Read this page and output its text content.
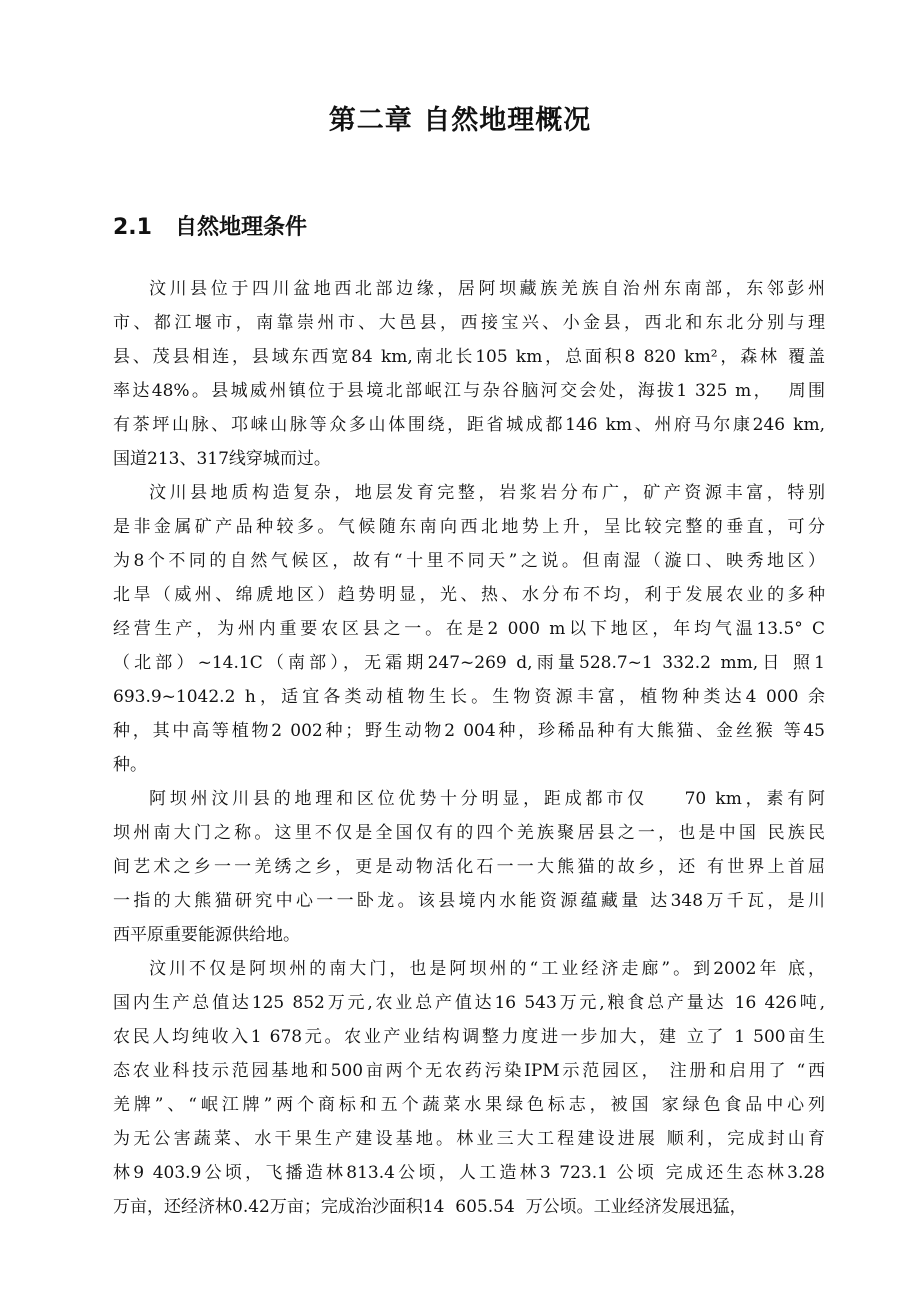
第二章 自然地理概况
2.1 自然地理条件
汶川县位于四川盆地西北部边缘，居阿坝藏族羌族自治州东南部，东邻彭州
市、都江堰市，南靠崇州市、大邑县，西接宝兴、小金县，西北和东北分别与理
县、茂县相连，县域东西宽84 km,南北长105 km，总面积8 820 km²，森林 覆盖
率达48%。县城威州镇位于县境北部岷江与杂谷脑河交会处，海拔1 325 m，  周围
有茶坪山脉、邛崃山脉等众多山体围绕，距省城成都146 km、州府马尔康246 km,
国道213、317线穿城而过。
汶川县地质构造复杂，地层发育完整，岩浆岩分布广，矿产资源丰富，特别
是非金属矿产品种较多。气候随东南向西北地势上升，呈比较完整的垂直，可分
为8个不同的自然气候区，故有“十里不同天”之说。但南湿（漩口、映秀地区）
北旱（威州、绵虒地区）趋势明显，光、热、水分布不均，利于发展农业的多种
经营生产，为州内重要农区县之一。在是2 000 m以下地区，年均气温13.5° C
（北部）~14.1C（南部），无霜期247~269 d,雨量528.7~1 332.2 mm,日 照1
693.9~1042.2 h，适宜各类动植物生长。生物资源丰富，植物种类达4 000 余
种，其中高等植物2 002种；野生动物2 004种，珍稀品种有大熊猫、金丝猴 等45
种。
阿坝州汶川县的地理和区位优势十分明显，距成都市仅    70 km，素有阿
坝州南大门之称。这里不仅是全国仅有的四个羌族聚居县之一，也是中国 民族民
间艺术之乡一一羌绣之乡，更是动物活化石一一大熊猫的故乡，还 有世界上首屈
一指的大熊猫研究中心一一卧龙。该县境内水能资源蕴藏量 达348万千瓦，是川
西平原重要能源供给地。
汶川不仅是阿坝州的南大门，也是阿坝州的“工业经济走廊”。到2002年 底，
国内生产总值达125 852万元,农业总产值达16 543万元,粮食总产量达 16 426吨,
农民人均纯收入1 678元。农业产业结构调整力度进一步加大，建 立了 1 500亩生
态农业科技示范园基地和500亩两个无农药污染IPM示范园区， 注册和启用了 “西
羌牌”、“岷江牌”两个商标和五个蔬菜水果绿色标志，被国 家绿色食品中心列
为无公害蔬菜、水干果生产建设基地。林业三大工程建设进展 顺利，完成封山育
林9 403.9公顷，飞播造林813.4公顷，人工造林3 723.1 公顷 完成还生态林3.28
万亩，还经济林0.42万亩；完成治沙面积14  605.54  万公顷。工业经济发展迅猛，
